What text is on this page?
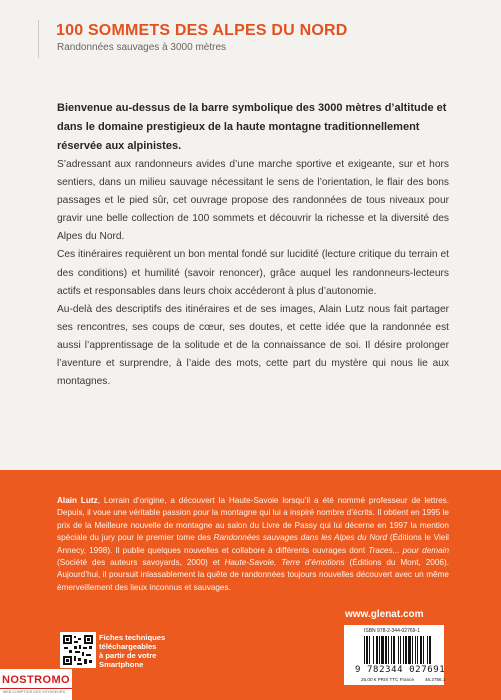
100 SOMMETS DES ALPES DU NORD
Randonnées sauvages à 3000 mètres
Bienvenue au-dessus de la barre symbolique des 3000 mètres d’altitude et dans le domaine prestigieux de la haute montagne traditionnellement réservée aux alpinistes.

S’adressant aux randonneurs avides d’une marche sportive et exigeante, sur et hors sentiers, dans un milieu sauvage nécessitant le sens de l’orientation, le flair des bons passages et le pied sûr, cet ouvrage propose des randonnées de tous niveaux pour gravir une belle collection de 100 sommets et découvrir la richesse et la diversité des Alpes du Nord.

Ces itinéraires requièrent un bon mental fondé sur lucidité (lecture critique du terrain et des conditions) et humilité (savoir renoncer), grâce auquel les randonneurs-lecteurs actifs et responsables dans leurs choix accéderont à plus d’autonomie.

Au-delà des descriptifs des itinéraires et de ses images, Alain Lutz nous fait partager ses rencontres, ses coups de cœur, ses doutes, et cette idée que la randonnée est aussi l’apprentissage de la solitude et de la connaissance de soi. Il désire prolonger l’aventure et surprendre, à l’aide des mots, cette part du mystère qui nous lie aux montagnes.

Alain Lutz, Lorrain d’origine, a découvert la Haute-Savoie lorsqu’il a été nommé professeur de lettres. Depuis, il voue une véritable passion pour la montagne qui lui a inspiré nombre d’écrits. Il obtient en 1995 le prix de la Meilleure nouvelle de montagne au salon du Livre de Passy qui lui décerne en 1997 la mention spéciale du jury pour le premier tome des Randonnées sauvages dans les Alpes du Nord (Éditions le Vieil Annecy, 1998). Il publie quelques nouvelles et collabore à différents ouvrages dont Traces... pour demain (Société des auteurs savoyards, 2000) et Haute-Savoie, Terre d’émotions (Éditions du Mont, 2006). Aujourd’hui, il poursuit inlassablement la quête de randonnées toujours nouvelles découvert avec un même émerveillement des lieux inconnus et sauvages.
www.glenat.com
Fiches techniques
téléchargeables
à partir de votre
Smartphone
ISBN 978-2-344-02769-1
9 782344 027691
25,00 € PRIX TTC France 46.2756.1
NOSTROMO
WEB COMPTOIR DES VOYAGEURS
